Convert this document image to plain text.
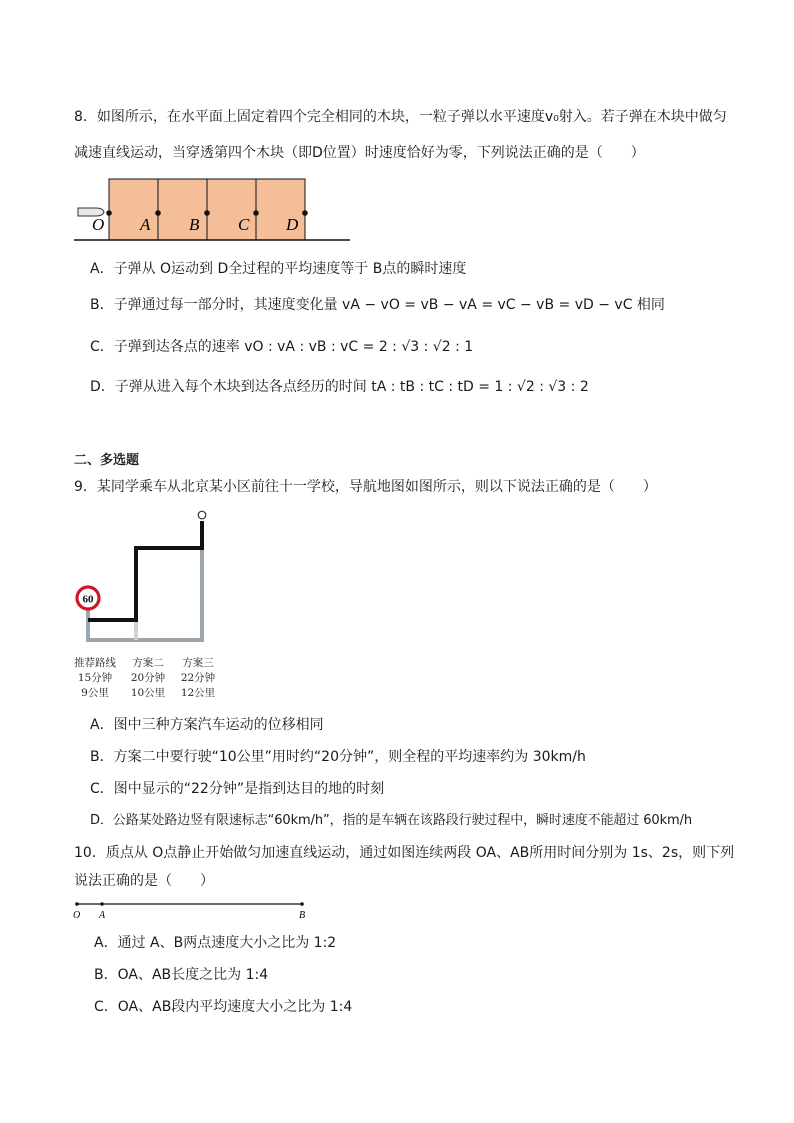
8．如图所示，在水平面上固定着四个完全相同的木块，一粒子弹以水平速度v₀射入。若子弹在木块中做匀
减速直线运动，当穿透第四个木块（即D位置）时速度恰好为零，下列说法正确的是（　　）
O A B C D
A．子弹从 O运动到 D全过程的平均速度等于 B点的瞬时速度
B．子弹通过每一部分时，其速度变化量 vA − vO = vB − vA = vC − vB = vD − vC 相同
C．子弹到达各点的速率 vO : vA : vB : vC = 2 : √3 : √2 : 1
D．子弹从进入每个木块到达各点经历的时间 tA : tB : tC : tD = 1 : √2 : √3 : 2
二、多选题
9．某同学乘车从北京某小区前往十一学校，导航地图如图所示，则以下说法正确的是（　　）
60
推荐路线
15分钟
9公里
方案二
20分钟
10公里
方案三
22分钟
12公里
A．图中三种方案汽车运动的位移相同
B．方案二中要行驶“10公里”用时约“20分钟”，则全程的平均速率约为 30km/h
C．图中显示的“22分钟”是指到达目的地的时刻
D．公路某处路边竖有限速标志“60km/h”，指的是车辆在该路段行驶过程中，瞬时速度不能超过 60km/h
10．质点从 O点静止开始做匀加速直线运动，通过如图连续两段 OA、AB所用时间分别为 1s、2s，则下列
说法正确的是（　　）
O A	B
A．通过 A、B两点速度大小之比为 1:2
B．OA、AB长度之比为 1:4
C．OA、AB段内平均速度大小之比为 1:4
